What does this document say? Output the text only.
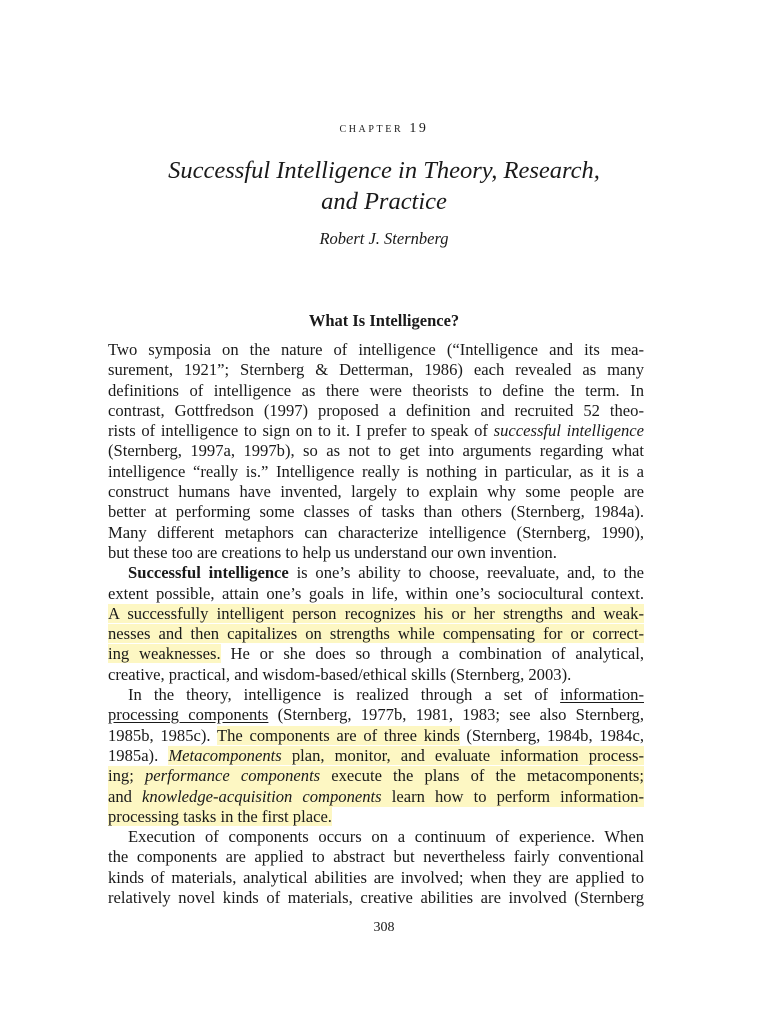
chapter 19
Successful Intelligence in Theory, Research,
and Practice
Robert J. Sternberg
What Is Intelligence?
Two symposia on the nature of intelligence (“Intelligence and its mea-
surement, 1921”; Sternberg & Detterman, 1986) each revealed as many
definitions of intelligence as there were theorists to define the term. In
contrast, Gottfredson (1997) proposed a definition and recruited 52 theo-
rists of intelligence to sign on to it. I prefer to speak of successful intelligence
(Sternberg, 1997a, 1997b), so as not to get into arguments regarding what
intelligence “really is.” Intelligence really is nothing in particular, as it is a
construct humans have invented, largely to explain why some people are
better at performing some classes of tasks than others (Sternberg, 1984a).
Many different metaphors can characterize intelligence (Sternberg, 1990),
but these too are creations to help us understand our own invention.
Successful intelligence is one’s ability to choose, reevaluate, and, to the
extent possible, attain one’s goals in life, within one’s sociocultural context.
A successfully intelligent person recognizes his or her strengths and weak-
nesses and then capitalizes on strengths while compensating for or correct-
ing weaknesses. He or she does so through a combination of analytical,
creative, practical, and wisdom-based/ethical skills (Sternberg, 2003).
In the theory, intelligence is realized through a set of information-
processing components (Sternberg, 1977b, 1981, 1983; see also Sternberg,
1985b, 1985c). The components are of three kinds (Sternberg, 1984b, 1984c,
1985a). Metacomponents plan, monitor, and evaluate information process-
ing; performance components execute the plans of the metacomponents;
and knowledge-acquisition components learn how to perform information-
processing tasks in the first place.
Execution of components occurs on a continuum of experience. When
the components are applied to abstract but nevertheless fairly conventional
kinds of materials, analytical abilities are involved; when they are applied to
relatively novel kinds of materials, creative abilities are involved (Sternberg
308
